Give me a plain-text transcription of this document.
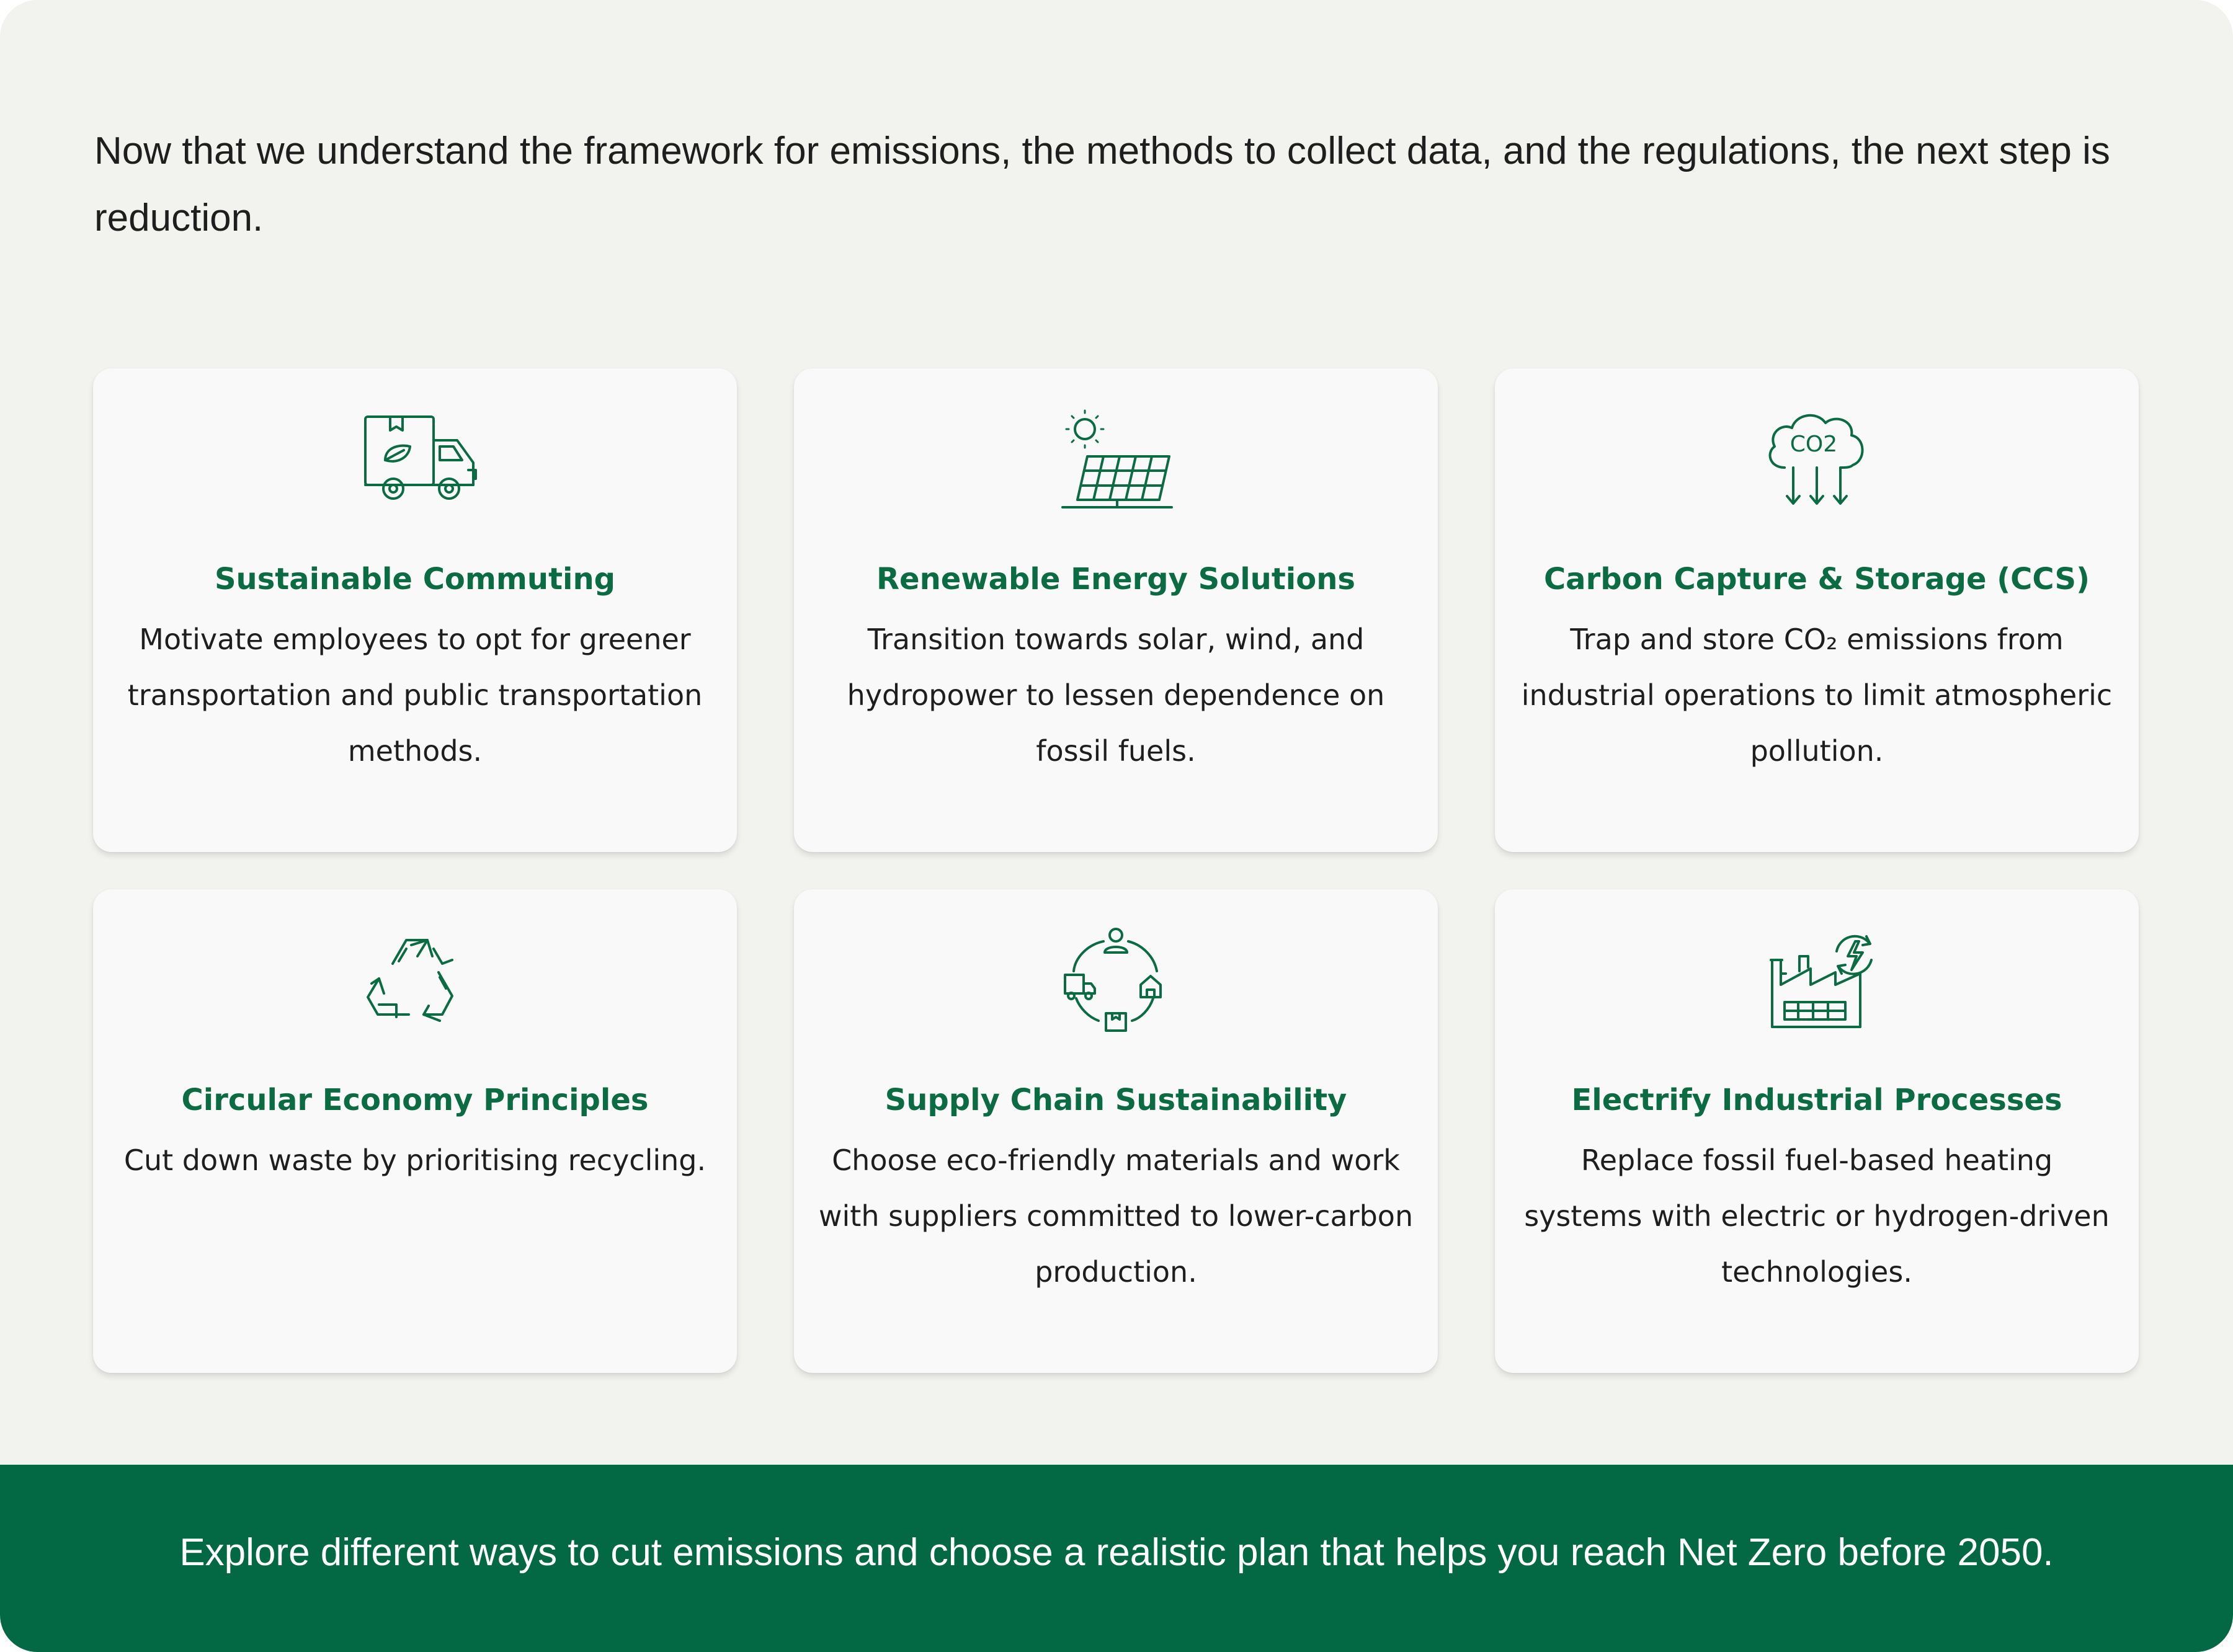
Now that we understand the framework for emissions, the methods to collect data, and the regulations, the next step is reduction.

Sustainable Commuting

Motivate employees to opt for greener transportation and public transportation methods.

Renewable Energy Solutions

Transition towards solar, wind, and hydropower to lessen dependence on fossil fuels.

CO2
Carbon Capture & Storage (CCS)

Trap and store CO₂ emissions from industrial operations to limit atmospheric pollution.

Circular Economy Principles

Cut down waste by prioritising recycling.

Supply Chain Sustainability

Choose eco-friendly materials and work with suppliers committed to lower-carbon production.

Electrify Industrial Processes

Replace fossil fuel-based heating systems with electric or hydrogen-driven technologies.

Explore different ways to cut emissions and choose a realistic plan that helps you reach Net Zero before 2050.
